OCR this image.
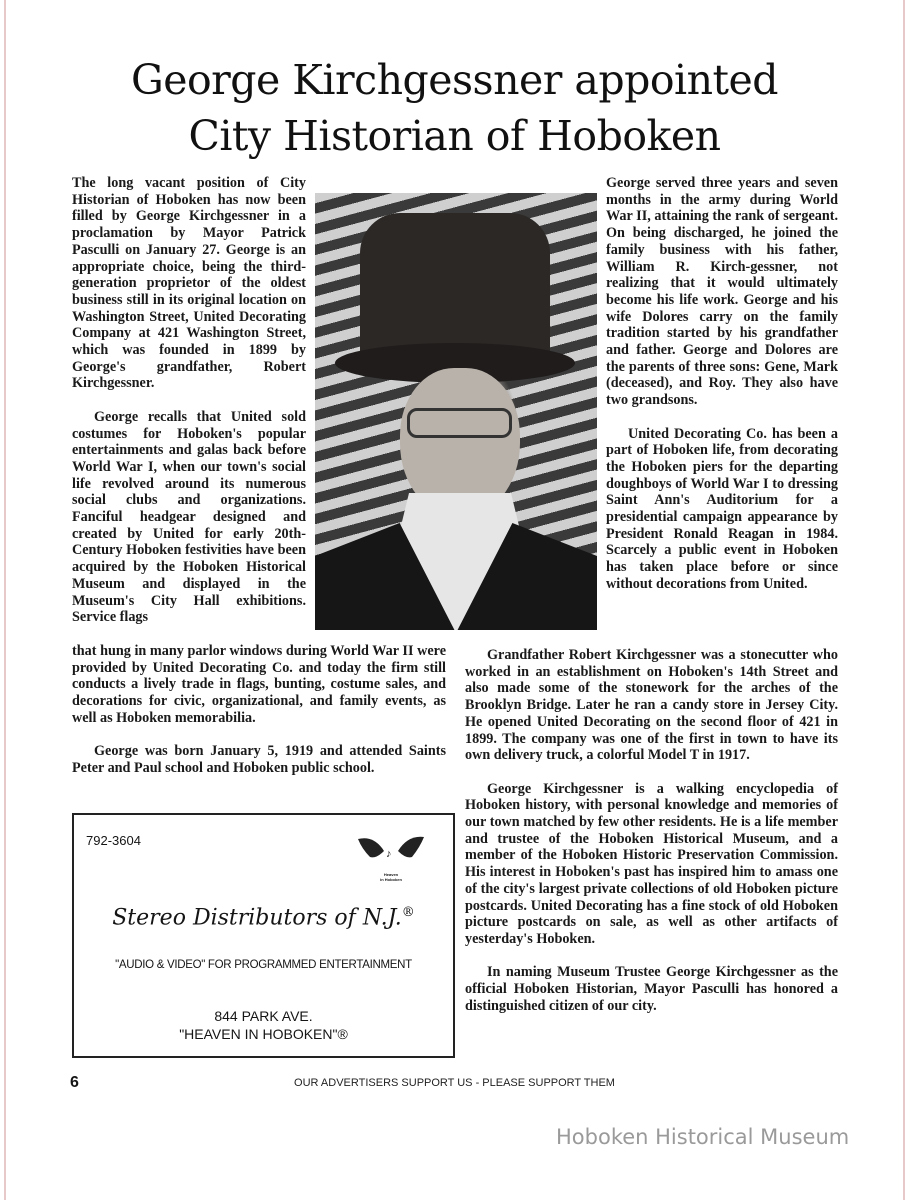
George Kirchgessner appointed
City Historian of Hoboken

The long vacant position of City Historian of Hoboken has now been filled by George Kirchgessner in a proclamation by Mayor Patrick Pasculli on January 27. George is an appropriate choice, being the third-generation proprietor of the oldest business still in its original location on Washington Street, United Decorating Company at 421 Washington Street, which was founded in 1899 by George's grandfather, Robert Kirchgessner.

George recalls that United sold costumes for Hoboken's popular entertainments and galas back before World War I, when our town's social life revolved around its numerous social clubs and organizations. Fanciful headgear designed and created by United for early 20th-Century Hoboken festivities have been acquired by the Hoboken Historical Museum and displayed in the Museum's City Hall exhibitions. Service flags

George served three years and seven months in the army during World War II, attaining the rank of sergeant. On being discharged, he joined the family business with his father, William R. Kirch-gessner, not realizing that it would ultimately become his life work. George and his wife Dolores carry on the family tradition started by his grandfather and father. George and Dolores are the parents of three sons: Gene, Mark (deceased), and Roy. They also have two grandsons.

United Decorating Co. has been a part of Hoboken life, from decorating the Hoboken piers for the departing doughboys of World War I to dressing Saint Ann's Auditorium for a presidential campaign appearance by President Ronald Reagan in 1984. Scarcely a public event in Hoboken has taken place before or since without decorations from United.

that hung in many parlor windows during World War II were provided by United Decorating Co. and today the firm still conducts a lively trade in flags, bunting, costume sales, and decorations for civic, organizational, and family events, as well as Hoboken memorabilia.

George was born January 5, 1919 and attended Saints Peter and Paul school and Hoboken public school.

Grandfather Robert Kirchgessner was a stonecutter who worked in an establishment on Hoboken's 14th Street and also made some of the stonework for the arches of the Brooklyn Bridge. Later he ran a candy store in Jersey City. He opened United Decorating on the second floor of 421 in 1899. The company was one of the first in town to have its own delivery truck, a colorful Model T in 1917.

George Kirchgessner is a walking encyclopedia of Hoboken history, with personal knowledge and memories of our town matched by few other residents. He is a life member and trustee of the Hoboken Historical Museum, and a member of the Hoboken Historic Preservation Commission. His interest in Hoboken's past has inspired him to amass one of the city's largest private collections of old Hoboken picture postcards. United Decorating has a fine stock of old Hoboken picture postcards on sale, as well as other artifacts of yesterday's Hoboken.

In naming Museum Trustee George Kirchgessner as the official Hoboken Historian, Mayor Pasculli has honored a distinguished citizen of our city.

792-3604
♪
Heaven
in Hoboken
Stereo Distributors of N.J.®
"AUDIO & VIDEO" FOR PROGRAMMED ENTERTAINMENT
844 PARK AVE.
"HEAVEN IN HOBOKEN"®
6	OUR ADVERTISERS SUPPORT US - PLEASE SUPPORT THEM
Hoboken Historical Museum
